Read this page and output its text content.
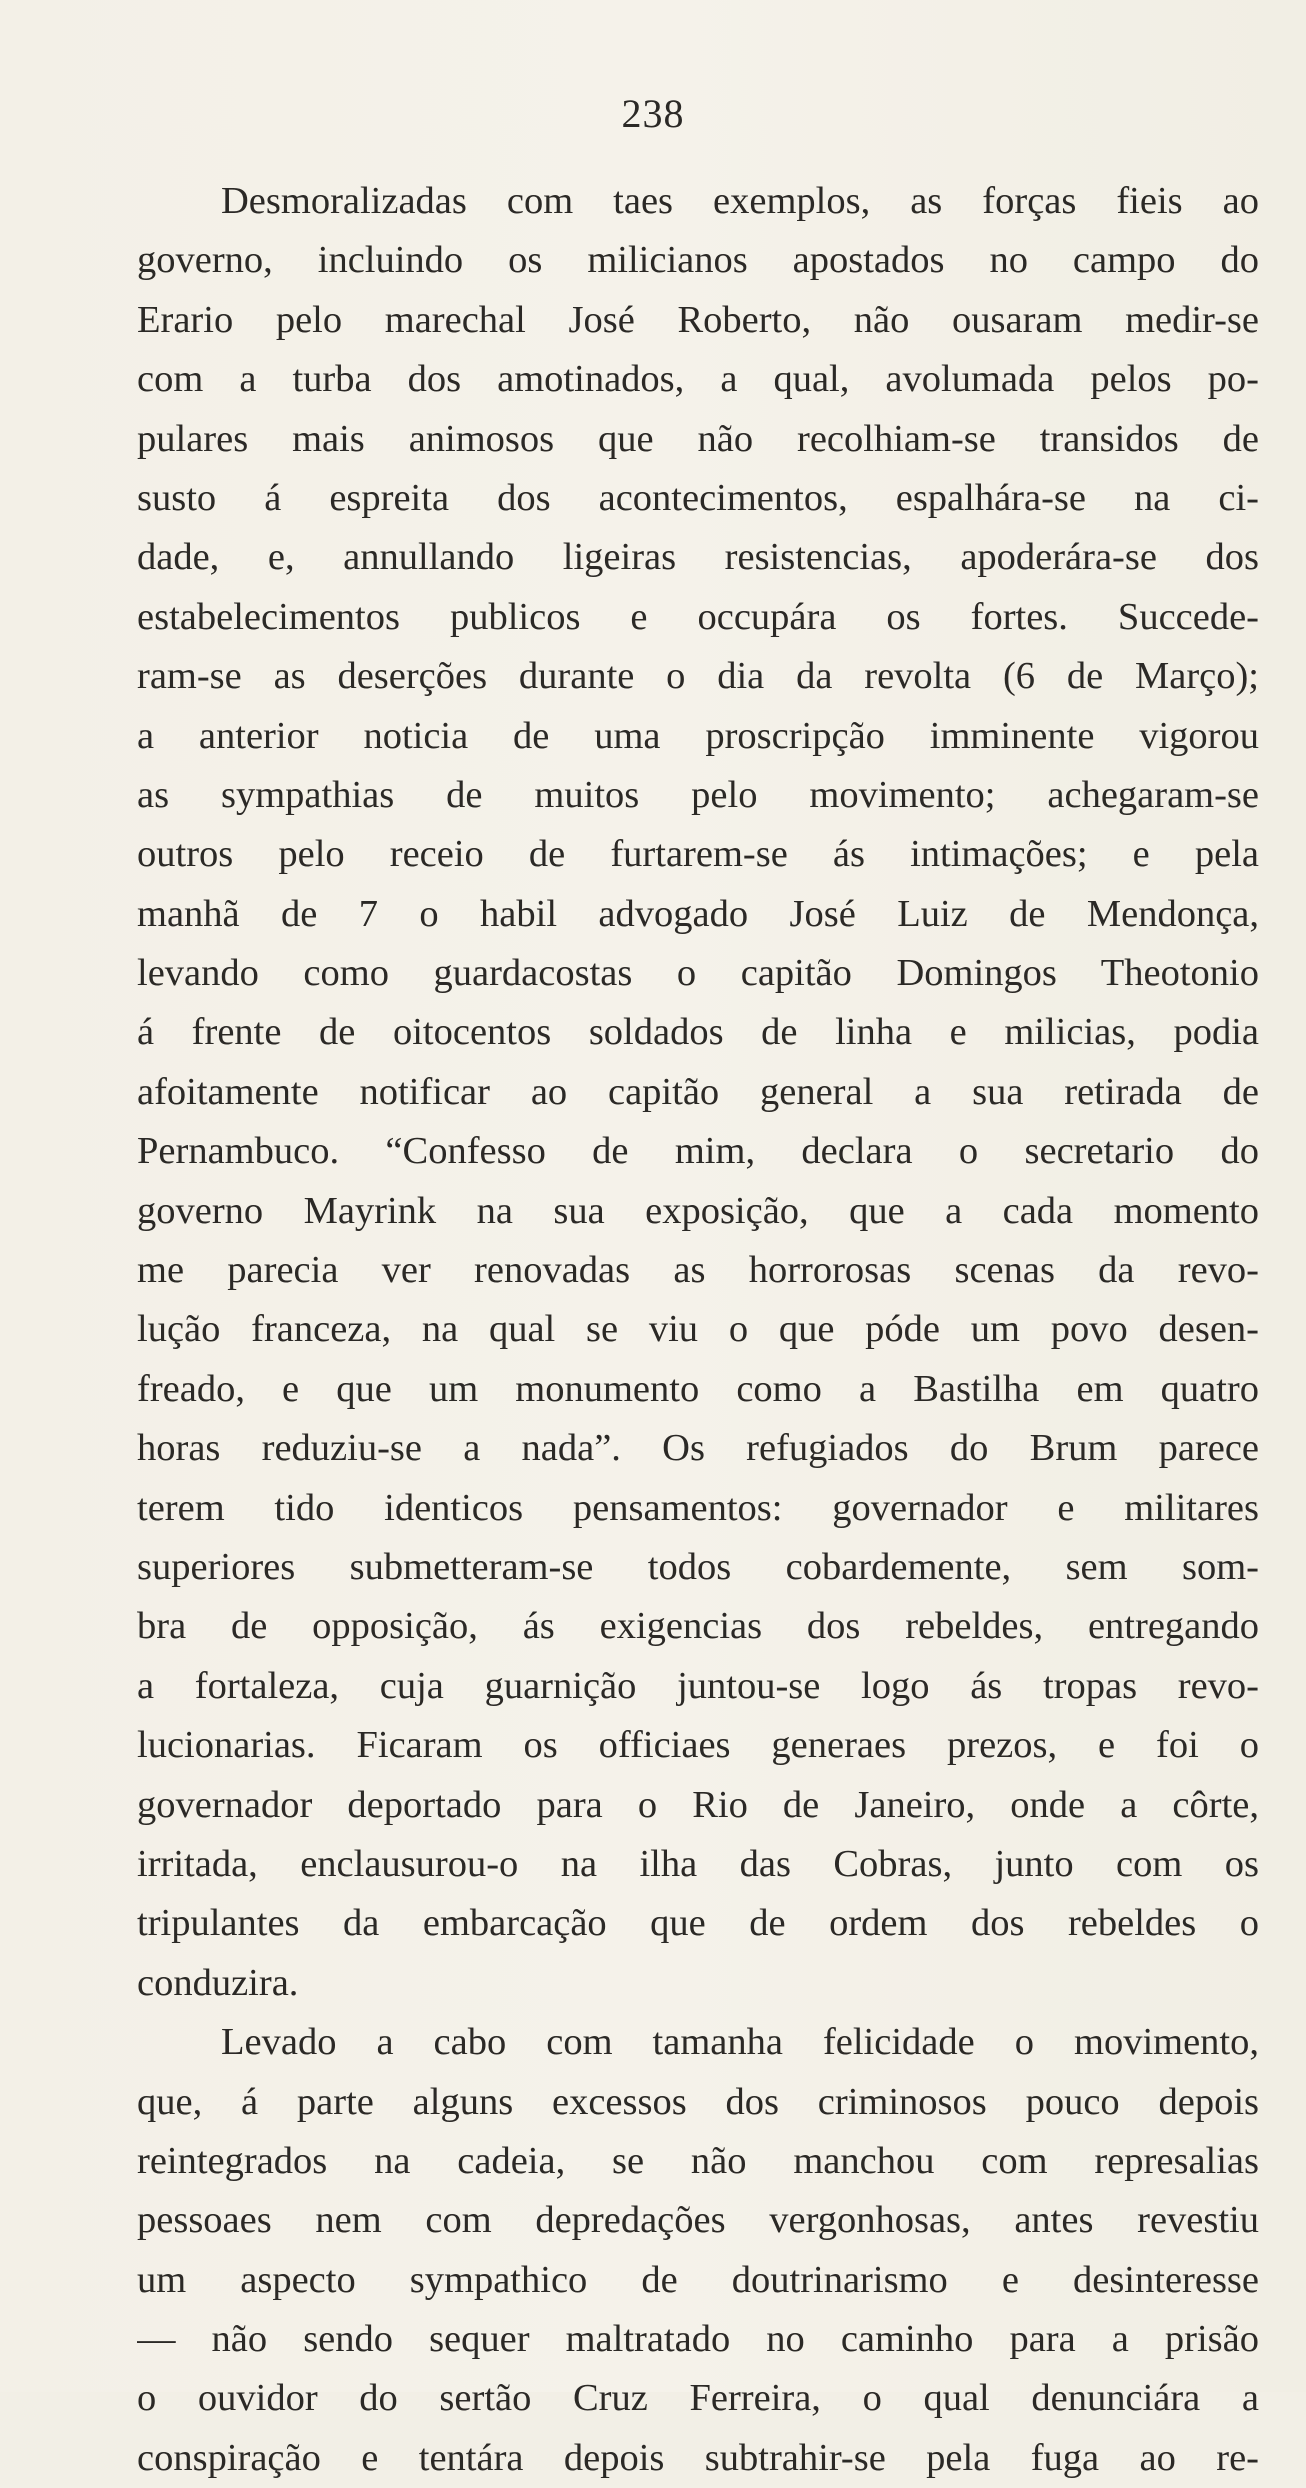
238
Desmoralizadas com taes exemplos, as forças fieis ao
governo, incluindo os milicianos apostados no campo do
Erario pelo marechal José Roberto, não ousaram medir-se
com a turba dos amotinados, a qual, avolumada pelos po-
pulares mais animosos que não recolhiam-se transidos de
susto á espreita dos acontecimentos, espalhára-se na ci-
dade, e, annullando ligeiras resistencias, apoderára-se dos
estabelecimentos publicos e occupára os fortes. Succede-
ram-se as deserções durante o dia da revolta (6 de Março);
a anterior noticia de uma proscripção imminente vigorou
as sympathias de muitos pelo movimento; achegaram-se
outros pelo receio de furtarem-se ás intimações; e pela
manhã de 7 o habil advogado José Luiz de Mendonça,
levando como guardacostas o capitão Domingos Theotonio
á frente de oitocentos soldados de linha e milicias, podia
afoitamente notificar ao capitão general a sua retirada de
Pernambuco. “Confesso de mim, declara o secretario do
governo Mayrink na sua exposição, que a cada momento
me parecia ver renovadas as horrorosas scenas da revo-
lução franceza, na qual se viu o que póde um povo desen-
freado, e que um monumento como a Bastilha em quatro
horas reduziu-se a nada”. Os refugiados do Brum parece
terem tido identicos pensamentos: governador e militares
superiores submetteram-se todos cobardemente, sem som-
bra de opposição, ás exigencias dos rebeldes, entregando
a fortaleza, cuja guarnição juntou-se logo ás tropas revo-
lucionarias. Ficaram os officiaes generaes prezos, e foi o
governador deportado para o Rio de Janeiro, onde a côrte,
irritada, enclausurou-o na ilha das Cobras, junto com os
tripulantes da embarcação que de ordem dos rebeldes o
conduzira.
Levado a cabo com tamanha felicidade o movimento,
que, á parte alguns excessos dos criminosos pouco depois
reintegrados na cadeia, se não manchou com represalias
pessoaes nem com depredações vergonhosas, antes revestiu
um aspecto sympathico de doutrinarismo e desinteresse
— não sendo sequer maltratado no caminho para a prisão
o ouvidor do sertão Cruz Ferreira, o qual denunciára a
conspiração e tentára depois subtrahir-se pela fuga ao re-
